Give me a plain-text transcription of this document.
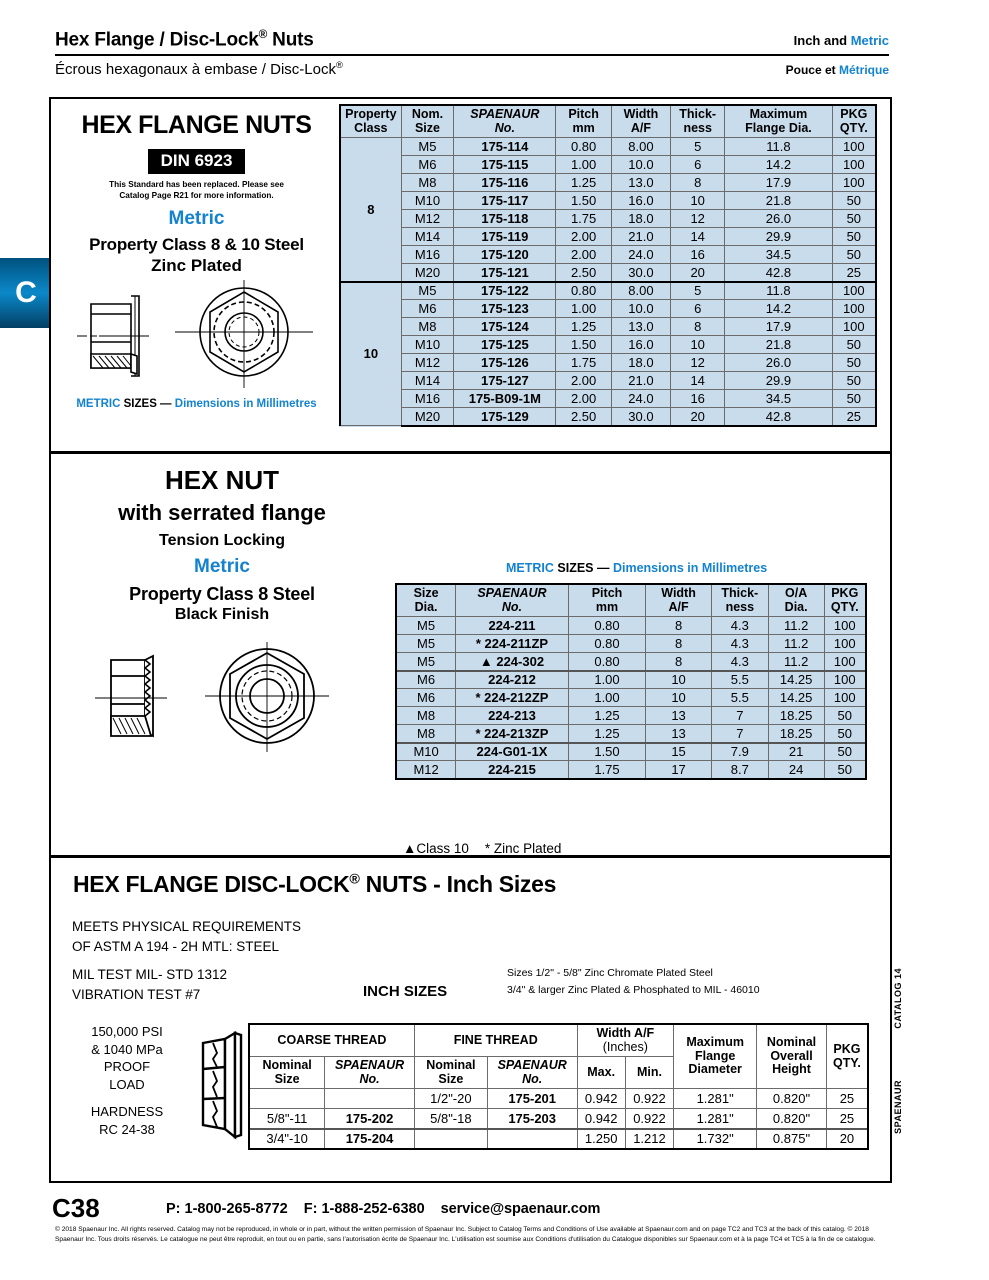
Hex Flange / Disc-Lock® Nuts	Inch and Metric
Écrous hexagonaux à embase / Disc-Lock®	Pouce et Métrique
C
HEX FLANGE NUTS
DIN 6923
This Standard has been replaced. Please see
Catalog Page R21 for more information.
Metric
Property Class 8 & 10 Steel
Zinc Plated
METRIC SIZES — Dimensions in Millimetres
Property
Class	Nom.
Size	SPAENAUR
No.	Pitch
mm	Width
A/F	Thick-
ness	Maximum
Flange Dia.	PKG
QTY.
8	M5	175-114	0.80	8.00	5	11.8	100
	M6	175-115	1.00	10.0	6	14.2	100
	M8	175-116	1.25	13.0	8	17.9	100
	M10	175-117	1.50	16.0	10	21.8	50
	M12	175-118	1.75	18.0	12	26.0	50
	M14	175-119	2.00	21.0	14	29.9	50
	M16	175-120	2.00	24.0	16	34.5	50
	M20	175-121	2.50	30.0	20	42.8	25
10	M5	175-122	0.80	8.00	5	11.8	100
	M6	175-123	1.00	10.0	6	14.2	100
	M8	175-124	1.25	13.0	8	17.9	100
	M10	175-125	1.50	16.0	10	21.8	50
	M12	175-126	1.75	18.0	12	26.0	50
	M14	175-127	2.00	21.0	14	29.9	50
	M16	175-B09-1M	2.00	24.0	16	34.5	50
	M20	175-129	2.50	30.0	20	42.8	25
HEX NUT
with serrated flange
Tension Locking
Metric
Property Class 8 Steel
Black Finish
METRIC SIZES — Dimensions in Millimetres
Size
Dia.	SPAENAUR
No.	Pitch
mm	Width
A/F	Thick-
ness	O/A
Dia.	PKG
QTY.
M5	224-211	0.80	8	4.3	11.2	100
M5	* 224-211ZP	0.80	8	4.3	11.2	100
M5	▲ 224-302	0.80	8	4.3	11.2	100
M6	224-212	1.00	10	5.5	14.25	100
M6	* 224-212ZP	1.00	10	5.5	14.25	100
M8	224-213	1.25	13	7	18.25	50
M8	* 224-213ZP	1.25	13	7	18.25	50
M10	224-G01-1X	1.50	15	7.9	21	50
M12	224-215	1.75	17	8.7	24	50
▲Class 10 * Zinc Plated
HEX FLANGE DISC-LOCK® NUTS - Inch Sizes
MEETS PHYSICAL REQUIREMENTS
OF ASTM A 194 - 2H MTL: STEEL
MIL TEST MIL- STD 1312
VIBRATION TEST #7	INCH SIZES
Sizes 1/2" - 5/8" Zinc Chromate Plated Steel
3/4" & larger Zinc Plated & Phosphated to MIL - 46010
150,000 PSI
& 1040 MPa
PROOF
LOAD
HARDNESS
RC 24-38
COARSE THREAD		FINE THREAD		Width A/F
(Inches)		Maximum
Flange
Diameter	Nominal
Overall
Height	PKG
QTY.
Nominal
Size	SPAENAUR
No.	Nominal
Size	SPAENAUR
No.	Max.	Min.			
		1/2"-20	175-201	0.942	0.922	1.281"	0.820"	25
5/8"-11	175-202	5/8"-18	175-203	0.942	0.922	1.281"	0.820"	25
3/4"-10	175-204			1.250	1.212	1.732"	0.875"	20
CATALOG 14
SPAENAUR
C38	P: 1-800-265-8772 F: 1-888-252-6380 service@spaenaur.com
© 2018 Spaenaur Inc. All rights reserved. Catalog may not be reproduced, in whole or in part, without the written permission of Spaenaur Inc. Subject to Catalog Terms and Conditions of Use available at Spaenaur.com and on page TC2 and TC3 at the back of this catalog. © 2018 Spaenaur Inc. Tous droits réservés. Le catalogue ne peut être reproduit, en tout ou en partie, sans l'autorisation écrite de Spaenaur Inc. L'utilisation est soumise aux Conditions d'utilisation du Catalogue disponibles sur Spaenaur.com et à la page TC4 et TC5 à la fin de ce catalogue.
